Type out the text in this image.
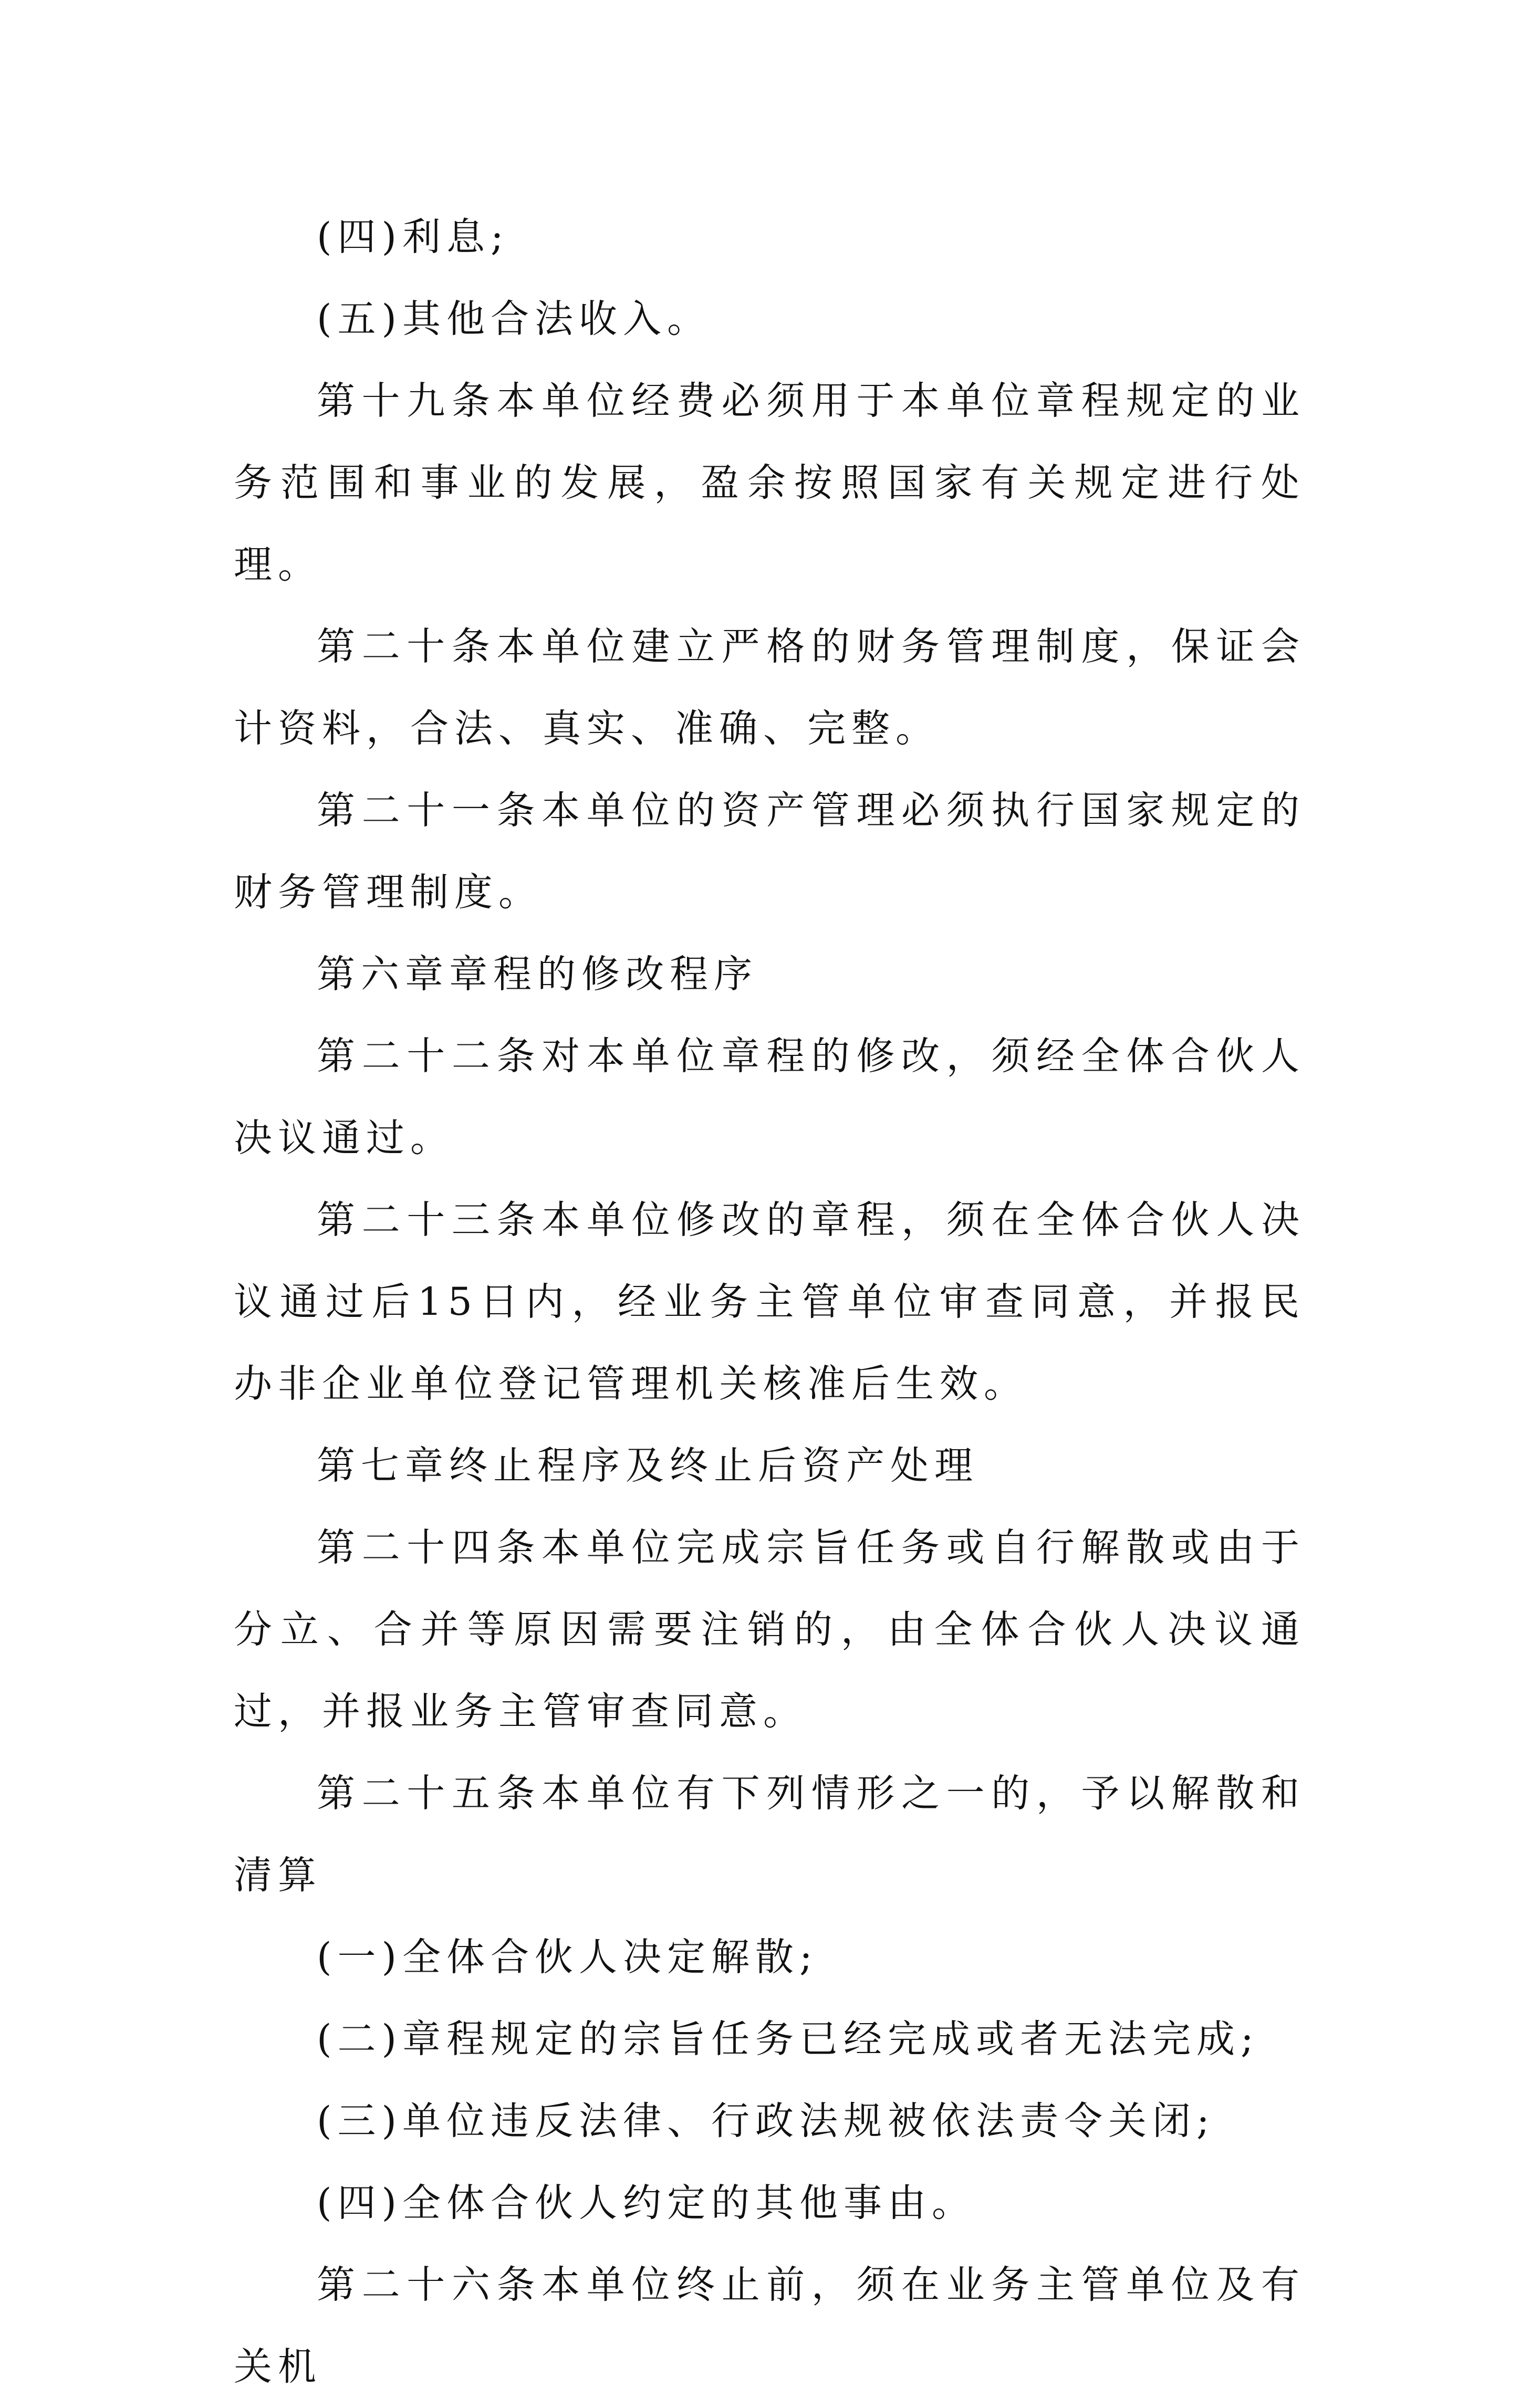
(四)利息;

(五)其他合法收入。

第十九条本单位经费必须用于本单位章程规定的业务范围和事业的发展，盈余按照国家有关规定进行处理。

第二十条本单位建立严格的财务管理制度，保证会计资料，合法、真实、准确、完整。

第二十一条本单位的资产管理必须执行国家规定的财务管理制度。

第六章章程的修改程序

第二十二条对本单位章程的修改，须经全体合伙人决议通过。

第二十三条本单位修改的章程，须在全体合伙人决议通过后15日内，经业务主管单位审查同意，并报民办非企业单位登记管理机关核准后生效。

第七章终止程序及终止后资产处理

第二十四条本单位完成宗旨任务或自行解散或由于分立、合并等原因需要注销的，由全体合伙人决议通过，并报业务主管审查同意。

第二十五条本单位有下列情形之一的，予以解散和清算

(一)全体合伙人决定解散;

(二)章程规定的宗旨任务已经完成或者无法完成;

(三)单位违反法律、行政法规被依法责令关闭;

(四)全体合伙人约定的其他事由。

第二十六条本单位终止前，须在业务主管单位及有关机
